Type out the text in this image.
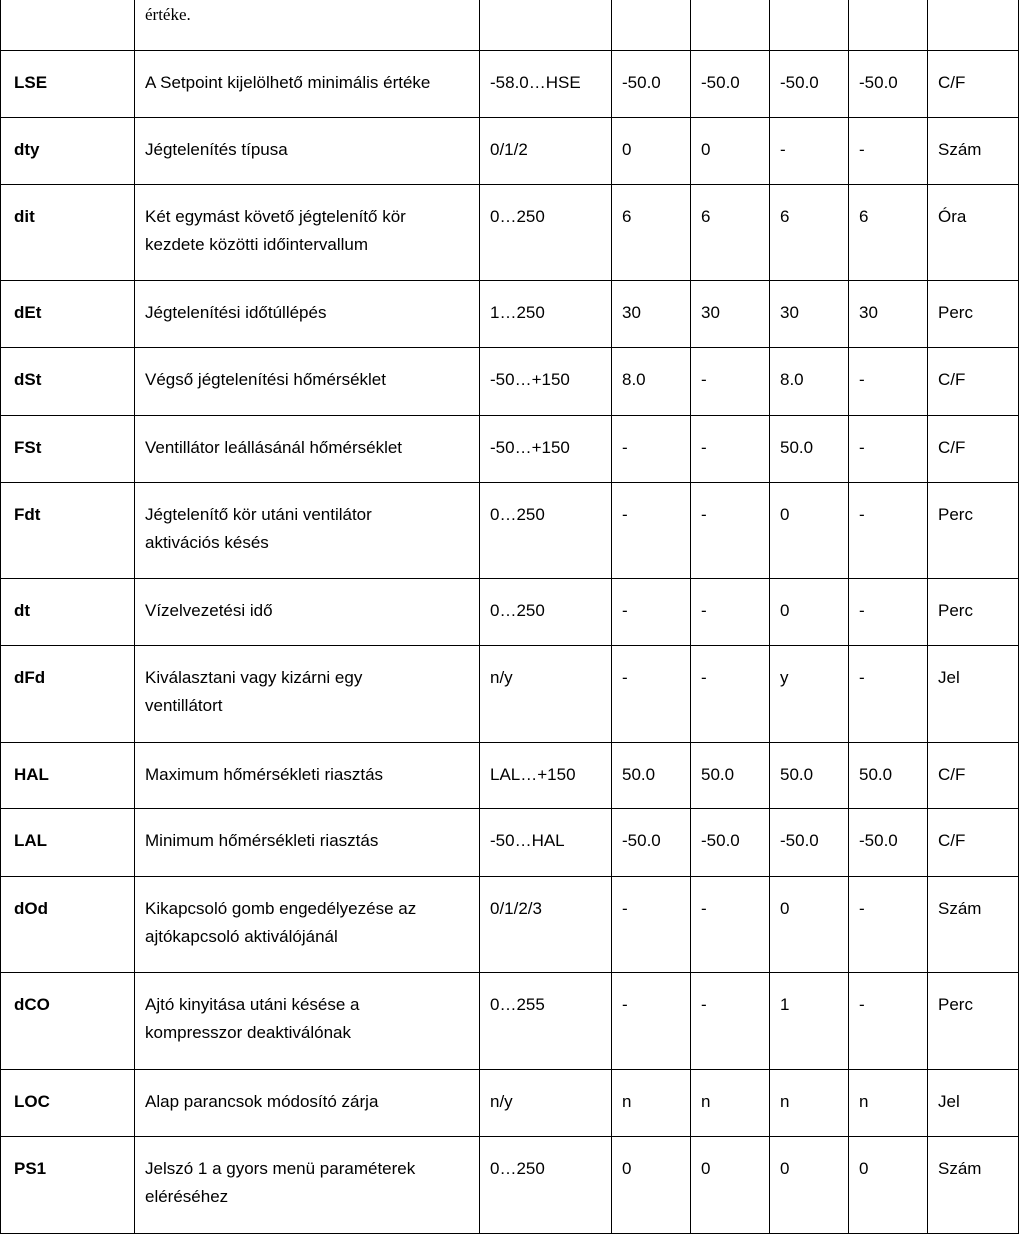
	értéke.						

LSE	A Setpoint kijelölhető minimális értéke	-58.0…HSE	-50.0	-50.0	-50.0	-50.0	C/F

dty	Jégtelenítés típusa	0/1/2	0	0	-	-	Szám

dit	Két egymást követő jégtelenítő kör
kezdete közötti időintervallum	0…250	6	6	6	6	Óra

dEt	Jégtelenítési időtúllépés	1…250	30	30	30	30	Perc

dSt	Végső jégtelenítési hőmérséklet	-50…+150	8.0	-	8.0	-	C/F

FSt	Ventillátor leállásánál hőmérséklet	-50…+150	-	-	50.0	-	C/F

Fdt	Jégtelenítő kör utáni ventilátor
aktivációs késés	0…250	-	-	0	-	Perc

dt	Vízelvezetési idő	0…250	-	-	0	-	Perc

dFd	Kiválasztani vagy kizárni egy
ventillátort	n/y	-	-	y	-	Jel

HAL	Maximum hőmérsékleti riasztás	LAL…+150	50.0	50.0	50.0	50.0	C/F

LAL	Minimum hőmérsékleti riasztás	-50…HAL	-50.0	-50.0	-50.0	-50.0	C/F

dOd	Kikapcsoló gomb engedélyezése az
ajtókapcsoló aktiválójánál	0/1/2/3	-	-	0	-	Szám

dCO	Ajtó kinyitása utáni késése a
kompresszor deaktiválónak	0…255	-	-	1	-	Perc

LOC	Alap parancsok módosító zárja	n/y	n	n	n	n	Jel

PS1	Jelszó 1 a gyors menü paraméterek
eléréséhez	0…250	0	0	0	0	Szám
